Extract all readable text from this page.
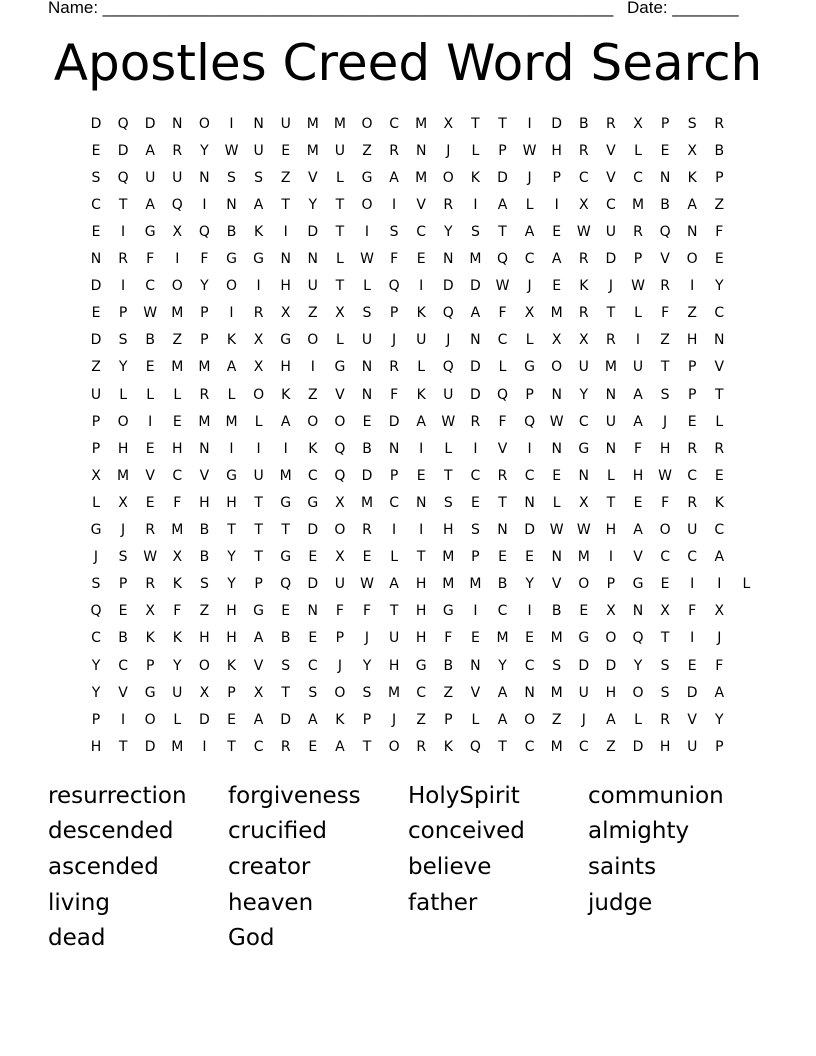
Name: ______________________________________________________ Date: _______
Apostles Creed Word Search
D	Q	D	N	O	I	N	U	M	M	O	C	M	X	T	T	I	D	B	R	X	P	S	R
E	D	A	R	Y	W	U	E	M	U	Z	R	N	J	L	P	W	H	R	V	L	E	X	B
S	Q	U	U	N	S	S	Z	V	L	G	A	M	O	K	D	J	P	C	V	C	N	K	P
C	T	A	Q	I	N	A	T	Y	T	O	I	V	R	I	A	L	I	X	C	M	B	A	Z
E	I	G	X	Q	B	K	I	D	T	I	S	C	Y	S	T	A	E	W	U	R	Q	N	F
N	R	F	I	F	G	G	N	N	L	W	F	E	N	M	Q	C	A	R	D	P	V	O	E
D	I	C	O	Y	O	I	H	U	T	L	Q	I	D	D	W	J	E	K	J	W	R	I	Y
E	P	W	M	P	I	R	X	Z	X	S	P	K	Q	A	F	X	M	R	T	L	F	Z	C
D	S	B	Z	P	K	X	G	O	L	U	J	U	J	N	C	L	X	X	R	I	Z	H	N
Z	Y	E	M	M	A	X	H	I	G	N	R	L	Q	D	L	G	O	U	M	U	T	P	V
U	L	L	L	R	L	O	K	Z	V	N	F	K	U	D	Q	P	N	Y	N	A	S	P	T
P	O	I	E	M	M	L	A	O	O	E	D	A	W	R	F	Q	W	C	U	A	J	E	L
P	H	E	H	N	I	I	I	K	Q	B	N	I	L	I	V	I	N	G	N	F	H	R	R
X	M	V	C	V	G	U	M	C	Q	D	P	E	T	C	R	C	E	N	L	H	W	C	E
L	X	E	F	H	H	T	G	G	X	M	C	N	S	E	T	N	L	X	T	E	F	R	K
G	J	R	M	B	T	T	T	D	O	R	I	I	H	S	N	D	W W	H	A	O	U	C
J	S	W	X	B	Y	T	G	E	X	E	L	T	M	P	E	E	N	M	I	V	C	C	A
S	P	R	K	S	Y	P	Q	D	U	W	A	H	M	M	B	Y	V	O	P	G	E	I	I	L
Q	E	X	F	Z	H	G	E	N	F	F	T	H	G	I	C	I	B	E	X	N	X	F	X
C	B	K	K	H	H	A	B	E	P	J	U	H	F	E	M	E	M	G	O	Q	T	I	J
Y	C	P	Y	O	K	V	S	C	J	Y	H	G	B	N	Y	C	S	D	D	Y	S	E	F
Y	V	G	U	X	P	X	T	S	O	S	M	C	Z	V	A	N	M	U	H	O	S	D	A
P	I	O	L	D	E	A	D	A	K	P	J	Z	P	L	A	O	Z	J	A	L	R	V	Y
H	T	D	M	I	T	C	R	E	A	T	O	R	K	Q	T	C	M	C	Z	D	H	U	P
resurrection forgiveness HolySpirit	communion
descended crucified	conceived	almighty
ascended	creator	believe	saints
living	heaven	father	judge
dead	God
